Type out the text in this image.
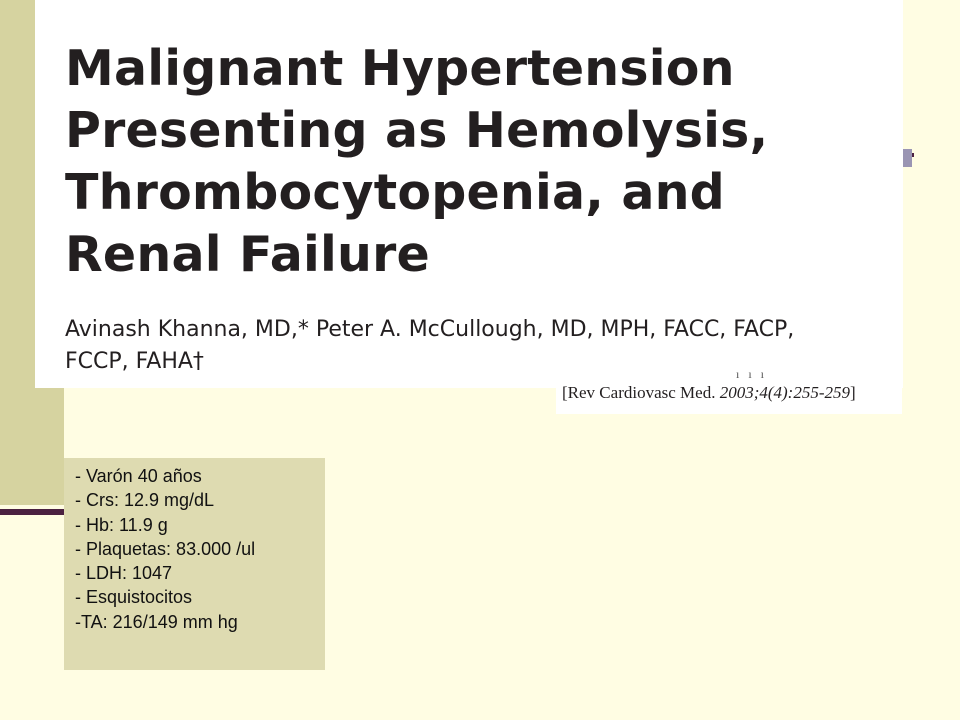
Malignant Hypertension
Presenting as Hemolysis,
Thrombocytopenia, and
Renal Failure

Avinash Khanna, MD,* Peter A. McCullough, MD, MPH, FACC, FACP,
FCCP, FAHA†	ı ı ı
[Rev Cardiovasc Med. 2003;4(4):255-259]
- Varón 40 años
- Crs: 12.9 mg/dL
- Hb: 11.9 g
- Plaquetas: 83.000 /ul
- LDH: 1047
- Esquistocitos
-TA: 216/149 mm hg
